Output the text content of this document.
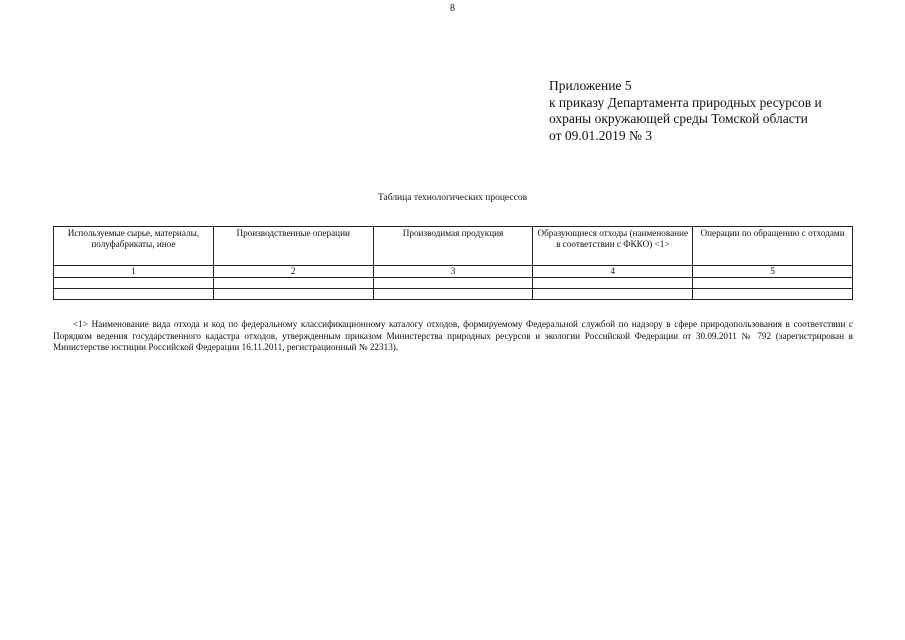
8
Приложение 5
к приказу Департамента природных ресурсов и
охраны окружающей среды Томской области
от 09.01.2019 № 3
Таблица технологических процессов
Используемые сырье, материалы, полуфабрикаты, иное	Производственные операции	Производимая продукция	Образующиеся отходы (наименование в соответствии с ФККО) <1>	Операции по обращению с отходами
1	2	3	4	5

<1> Наименование вида отхода и код по федеральному классификационному каталогу отходов, формируемому Федеральной службой по надзору в сфере природопользования в соответствии с Порядком ведения государственного кадастра отходов, утвержденным приказом Министерства природных ресурсов и экологии Российской Федерации от 30.09.2011 № 792 (зарегистрирован в Министерстве юстиции Российской Федерации 16.11.2011, регистрационный № 22313).
